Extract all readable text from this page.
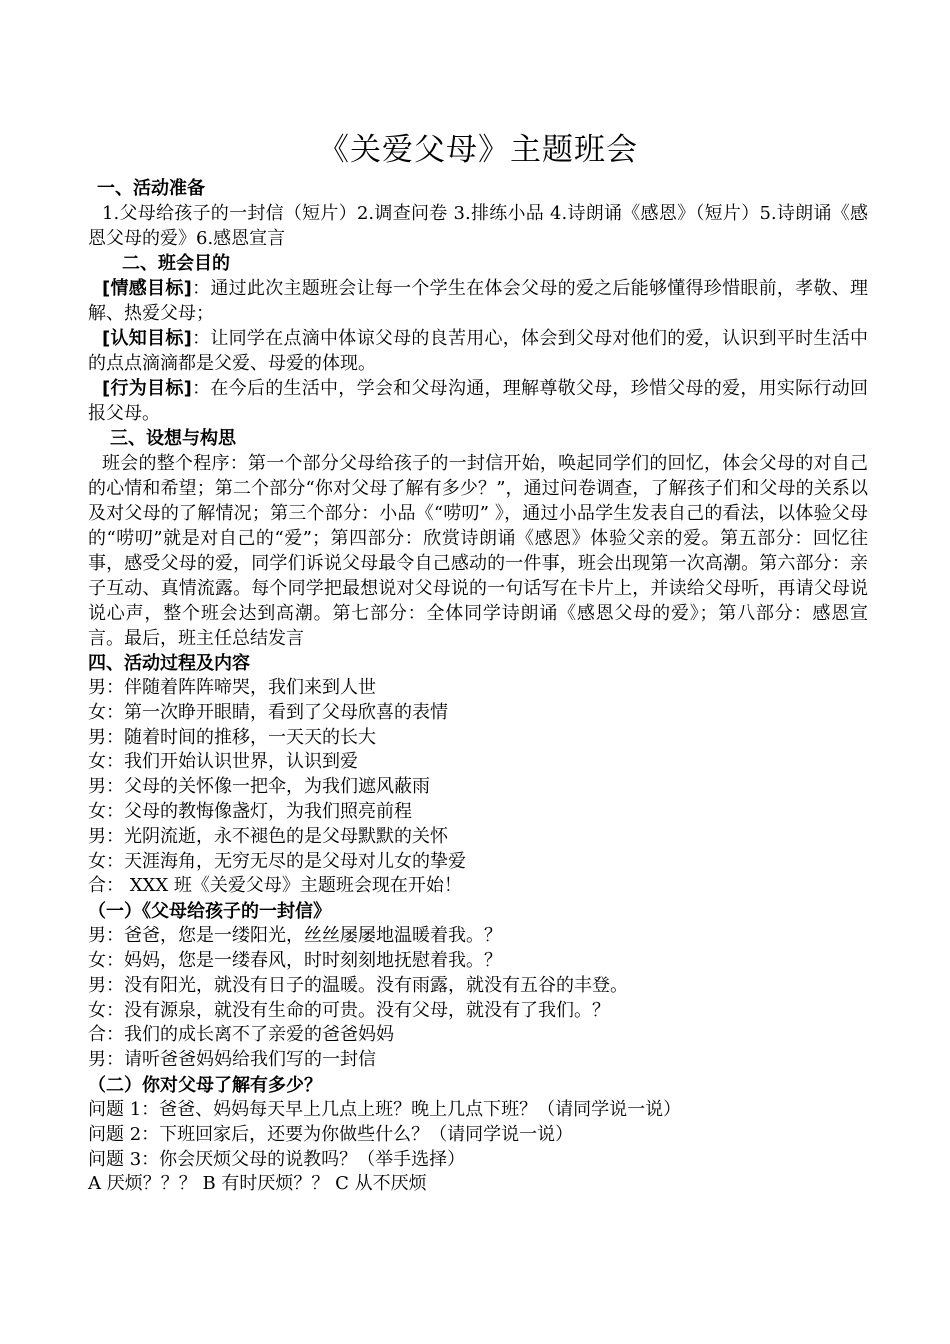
《关爱父母》主题班会
一、活动准备
1.父母给孩子的一封信（短片）2.调查问卷 3.排练小品 4.诗朗诵《感恩》（短片）5.诗朗诵《感恩父母的爱》6.感恩宣言
二、班会目的
[情感目标]：通过此次主题班会让每一个学生在体会父母的爱之后能够懂得珍惜眼前，孝敬、理解、热爱父母；
[认知目标]：让同学在点滴中体谅父母的良苦用心，体会到父母对他们的爱，认识到平时生活中的点点滴滴都是父爱、母爱的体现。
[行为目标]：在今后的生活中，学会和父母沟通，理解尊敬父母，珍惜父母的爱，用实际行动回报父母。
三、设想与构思
班会的整个程序：第一个部分父母给孩子的一封信开始，唤起同学们的回忆，体会父母的对自己的心情和希望；第二个部分“你对父母了解有多少？”，通过问卷调查，了解孩子们和父母的关系以及对父母的了解情况；第三个部分：小品《“唠叨” 》，通过小品学生发表自己的看法，以体验父母的“唠叨”就是对自己的“爱”；第四部分：欣赏诗朗诵《感恩》体验父亲的爱。第五部分：回忆往事，感受父母的爱，同学们诉说父母最令自己感动的一件事，班会出现第一次高潮。第六部分：亲子互动、真情流露。每个同学把最想说对父母说的一句话写在卡片上，并读给父母听，再请父母说说心声，整个班会达到高潮。第七部分：全体同学诗朗诵《感恩父母的爱》；第八部分：感恩宣言。最后，班主任总结发言
四、活动过程及内容
男：伴随着阵阵啼哭，我们来到人世
女：第一次睁开眼睛，看到了父母欣喜的表情
男：随着时间的推移，一天天的长大
女：我们开始认识世界，认识到爱
男：父母的关怀像一把伞，为我们遮风蔽雨
女：父母的教悔像盏灯，为我们照亮前程
男：光阴流逝，永不褪色的是父母默默的关怀
女：天涯海角，无穷无尽的是父母对儿女的挚爱
合： XXX 班《关爱父母》主题班会现在开始！
（一）《父母给孩子的一封信》
男：爸爸，您是一缕阳光，丝丝屡屡地温暖着我。？
女：妈妈，您是一缕春风，时时刻刻地抚慰着我。？
男：没有阳光，就没有日子的温暖。没有雨露，就没有五谷的丰登。
女：没有源泉，就没有生命的可贵。没有父母，就没有了我们。？
合：我们的成长离不了亲爱的爸爸妈妈
男：请听爸爸妈妈给我们写的一封信
（二）你对父母了解有多少？
问题 1：爸爸、妈妈每天早上几点上班？晚上几点下班？（请同学说一说）
问题 2：下班回家后，还要为你做些什么？（请同学说一说）
问题 3：你会厌烦父母的说教吗？（举手选择）
A 厌烦？？？ B 有时厌烦？？ C 从不厌烦
